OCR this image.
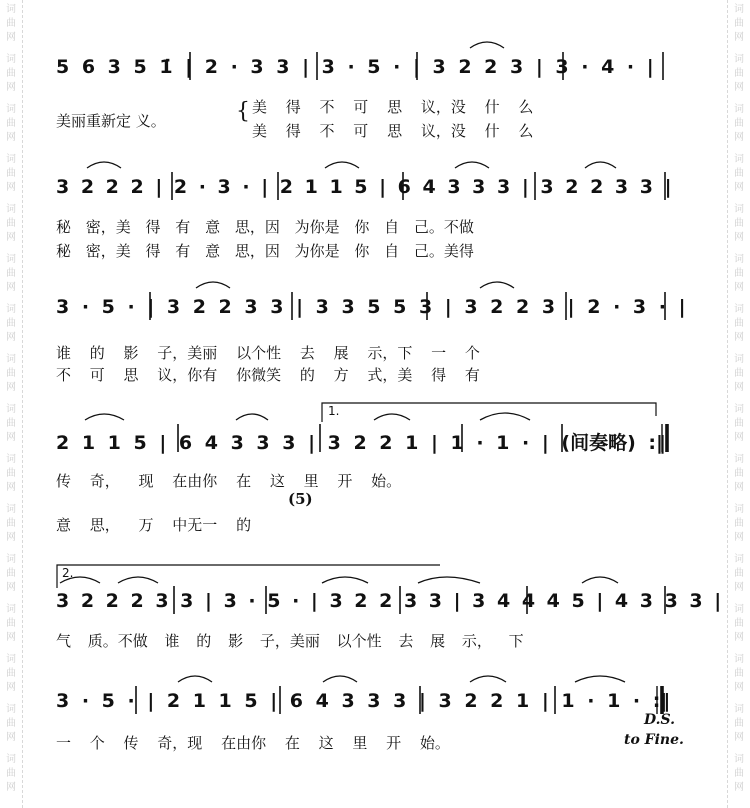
词
曲
网
词
曲
网
词
曲
网
词
曲
网
词
曲
网
词
曲
网
词
曲
网
词
曲
网
词
曲
网
词
曲
网
词
曲
网
词
曲
网
词
曲
网
词
曲
网
词
曲
网
词
曲
网
词
曲
网
词
曲
网
词
曲
网
词
曲
网
词
曲
网
词
曲
网
词
曲
网
词
曲
网
词
曲
网
词
曲
网
词
曲
网
词
曲
网
词
曲
网
词
曲
网
词
曲
网
词
曲
网
5 6 3 5 1̇ | 2 · 3 3 | 3 · 5 · | 3 2 2 3 | 3 · 4 · |
美丽重新定 义。	{ 美 得 不 可 思 议，没 什 么
美 得 不 可 思 议，没 什 么
3 2 2 2 | 2 · 3 · | 2 1 1 5 | 6 4 3 3 3 | 3 2 2 3 3 |
秘 密，美 得 有 意 思，因 为你是 你 自 己。不做
秘 密，美 得 有 意 思，因 为你是 你 自 己。美得
3 · 5 · | 3 2 2 3 3 | 3 3 5 5 3 | 3 2 2 3 | 2 · 3 · |
谁 的 影 子，美丽 以个性 去 展 示，下 一 个
不 可 思 议，你有 你微笑 的 方 式，美 得 有
1.
2 1 1 5 | 6 4 3 3 3 | 3 2 2 1 | 1 · 1 · | (间奏略) :‖
传 奇， 现 在由你 在 这 里 开 始。
(5)
意 思， 万 中无一 的
2.
3 2 2 2 3 3 | 3 · 5 · | 3 2 2 3 3 | 3 4 4 4 5 | 4 3 3 3 |
气 质。不做 谁 的 影 子，美丽 以个性 去 展 示， 下
3 · 5 · | 2 1 1 5 | 6 4 3 3 3 | 3 2 2 1 | 1 · 1 · :‖
一 个 传 奇，现 在由你 在 这 里 开 始。
D.S.
to Fine.
